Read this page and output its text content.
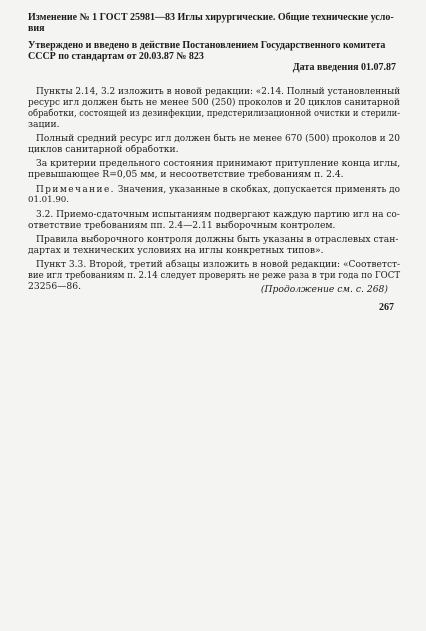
Изменение № 1 ГОСТ 25981—83 Иглы хирургические. Общие технические усло-
вия
Утверждено и введено в действие Постановлением Государственного комитета
СССР по стандартам от 20.03.87 № 823
Дата введения 01.07.87
Пункты 2.14, 3.2 изложить в новой редакции: «2.14. Полный установленный
ресурс игл должен быть не менее 500 (250) проколов и 20 циклов санитарной
обработки, состоящей из дезинфекции, предстерилизационной очистки и стерили-
зации.
Полный средний ресурс игл должен быть не менее 670 (500) проколов и 20
циклов санитарной обработки.
За критерии предельного состояния принимают притупление конца иглы,
превышающее R=0,05 мм, и несоответствие требованиям п. 2.4.
Примечание. Значения, указанные в скобках, допускается применять до
01.01.90.
3.2. Приемо-сдаточным испытаниям подвергают каждую партию игл на со-
ответствие требованиям пп. 2.4—2.11 выборочным контролем.
Правила выборочного контроля должны быть указаны в отраслевых стан-
дартах и технических условиях на иглы конкретных типов».
Пункт 3.3. Второй, третий абзацы изложить в новой редакции: «Соответст-
вие игл требованиям п. 2.14 следует проверять не реже раза в три года по ГОСТ
23256—86.	(Продолжение см. с. 268)
267
